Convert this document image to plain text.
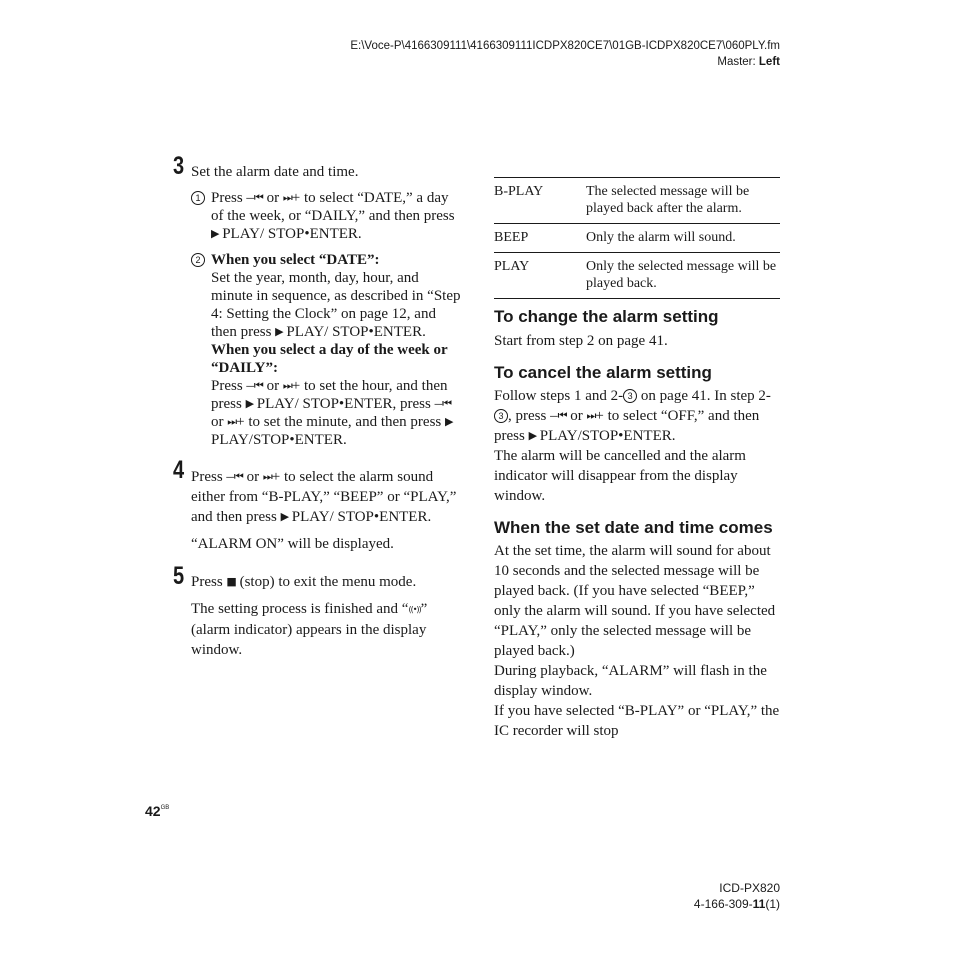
E:\Voce-P\4166309111\4166309111ICDPX820CE7\01GB-ICDPX820CE7\060PLY.fm
Master: Left
3 Set the alarm date and time.

1 Press –⏮ or ⏭+ to select “DATE,” a day of the week, or “DAILY,” and then press ▶ PLAY/ STOP•ENTER.

2 When you select “DATE”:

Set the year, month, day, hour, and minute in sequence, as described in “Step 4: Setting the Clock” on page 12, and then press ▶ PLAY/ STOP•ENTER.

When you select a day of the week or “DAILY”:

Press –⏮ or ⏭+ to set the hour, and then press ▶ PLAY/ STOP•ENTER, press –⏮ or ⏭+ to set the minute, and then press ▶ PLAY/STOP•ENTER.

4 Press –⏮ or ⏭+ to select the alarm sound either from “B-PLAY,” “BEEP” or “PLAY,” and then press ▶ PLAY/ STOP•ENTER.

“ALARM ON” will be displayed.

5 Press ■ (stop) to exit the menu mode.

The setting process is finished and “((•))” (alarm indicator) appears in the display window.

B-PLAY	The selected message will be played back after the alarm.
BEEP	Only the alarm will sound.
PLAY	Only the selected message will be played back.
To change the alarm setting

Start from step 2 on page 41.

To cancel the alarm setting

Follow steps 1 and 2- 3 on page 41. In step 2-3 , press –⏮ or ⏭+ to select “OFF,” and then press ▶ PLAY/STOP•ENTER.

The alarm will be cancelled and the alarm indicator will disappear from the display window.

When the set date and time comes

At the set time, the alarm will sound for about 10 seconds and the selected message will be played back. (If you have selected “BEEP,” only the alarm will sound. If you have selected “PLAY,” only the selected message will be played back.)

During playback, “ALARM” will flash in the display window.

If you have selected “B-PLAY” or “PLAY,” the IC recorder will stop

$42^{GB}$
ICD-PX820
4-166-309-11(1)
